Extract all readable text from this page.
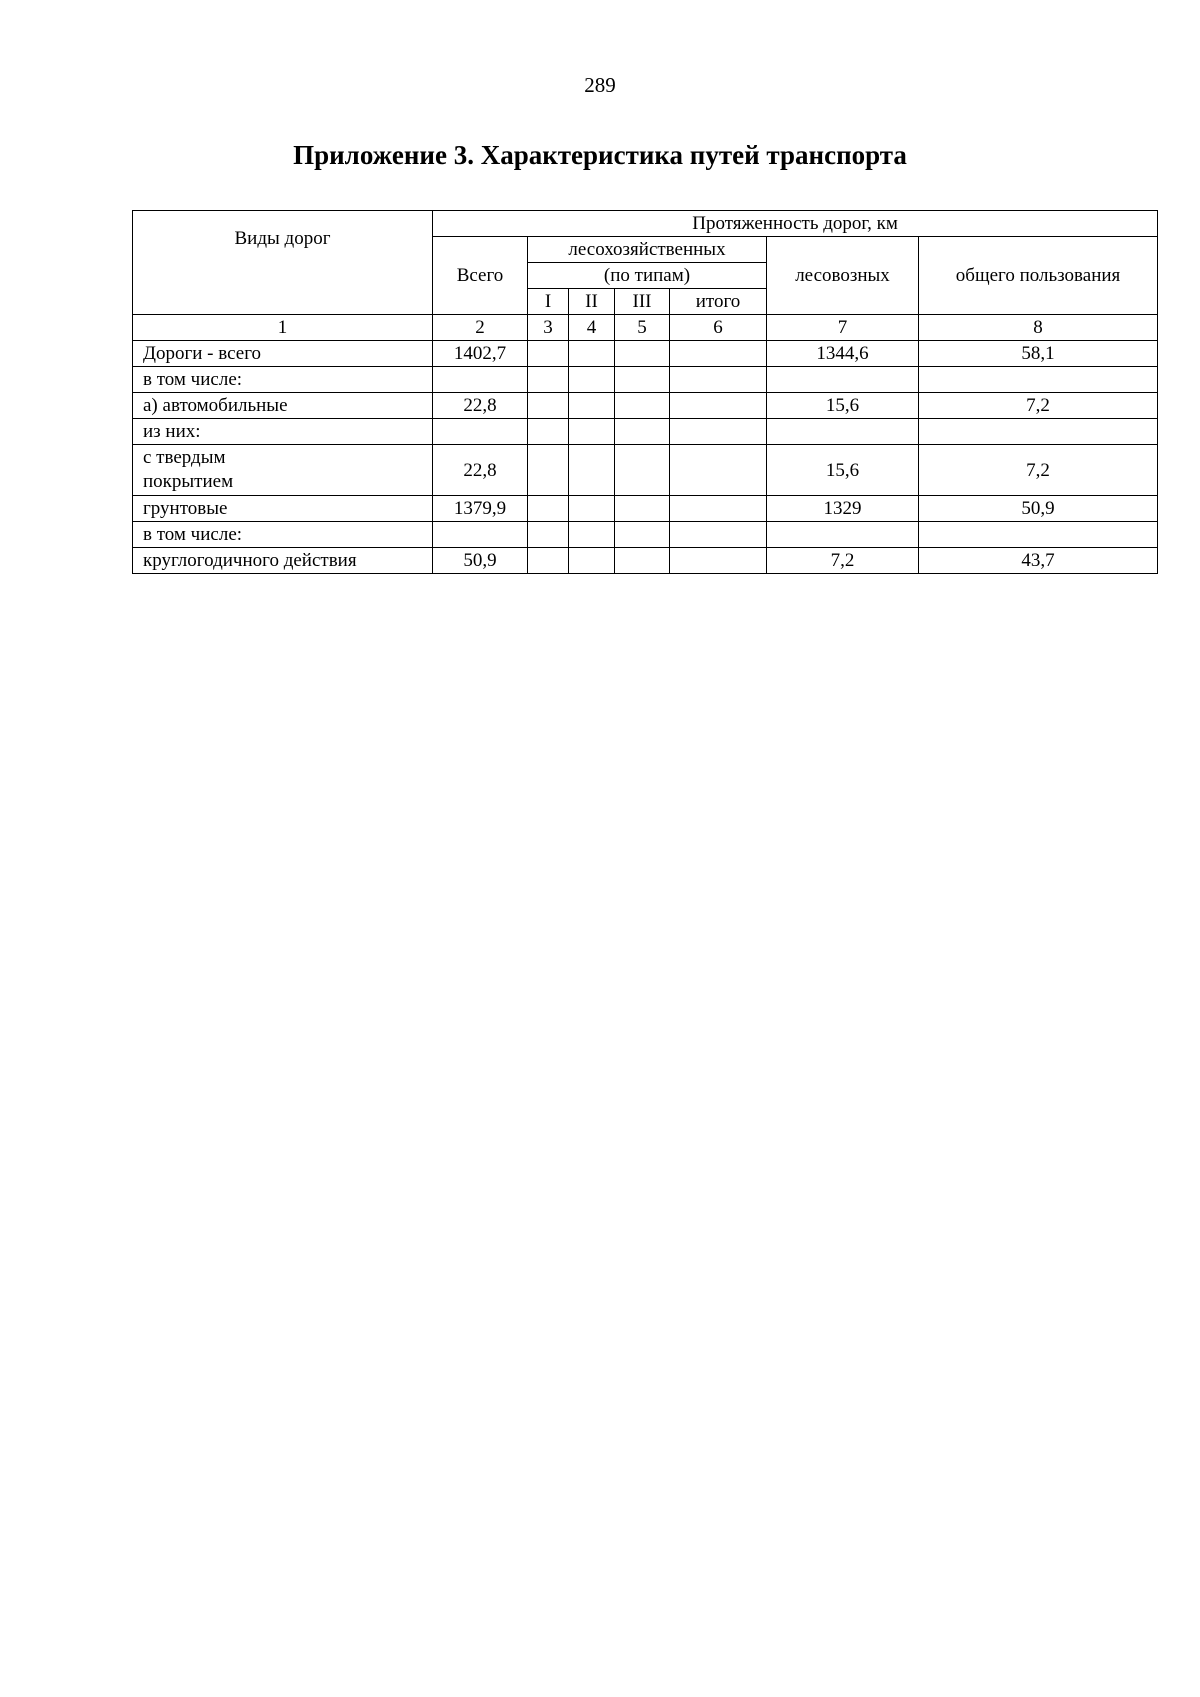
289
Приложение 3. Характеристика путей транспорта
Виды дорог	Протяженность дорог, км						
	Всего	лесохозяйственных				лесовозных	общего пользования
		(по типам)					
		I	II	III	итого		
1	2	3	4	5	6	7	8
Дороги - всего	1402,7					1344,6	58,1
в том числе:							
а) автомобильные	22,8					15,6	7,2
из них:							

с твердым покрытием	22,8					15,6	7,2
грунтовые	1379,9					1329	50,9
в том числе:							
круглогодичного действия	50,9					7,2	43,7
